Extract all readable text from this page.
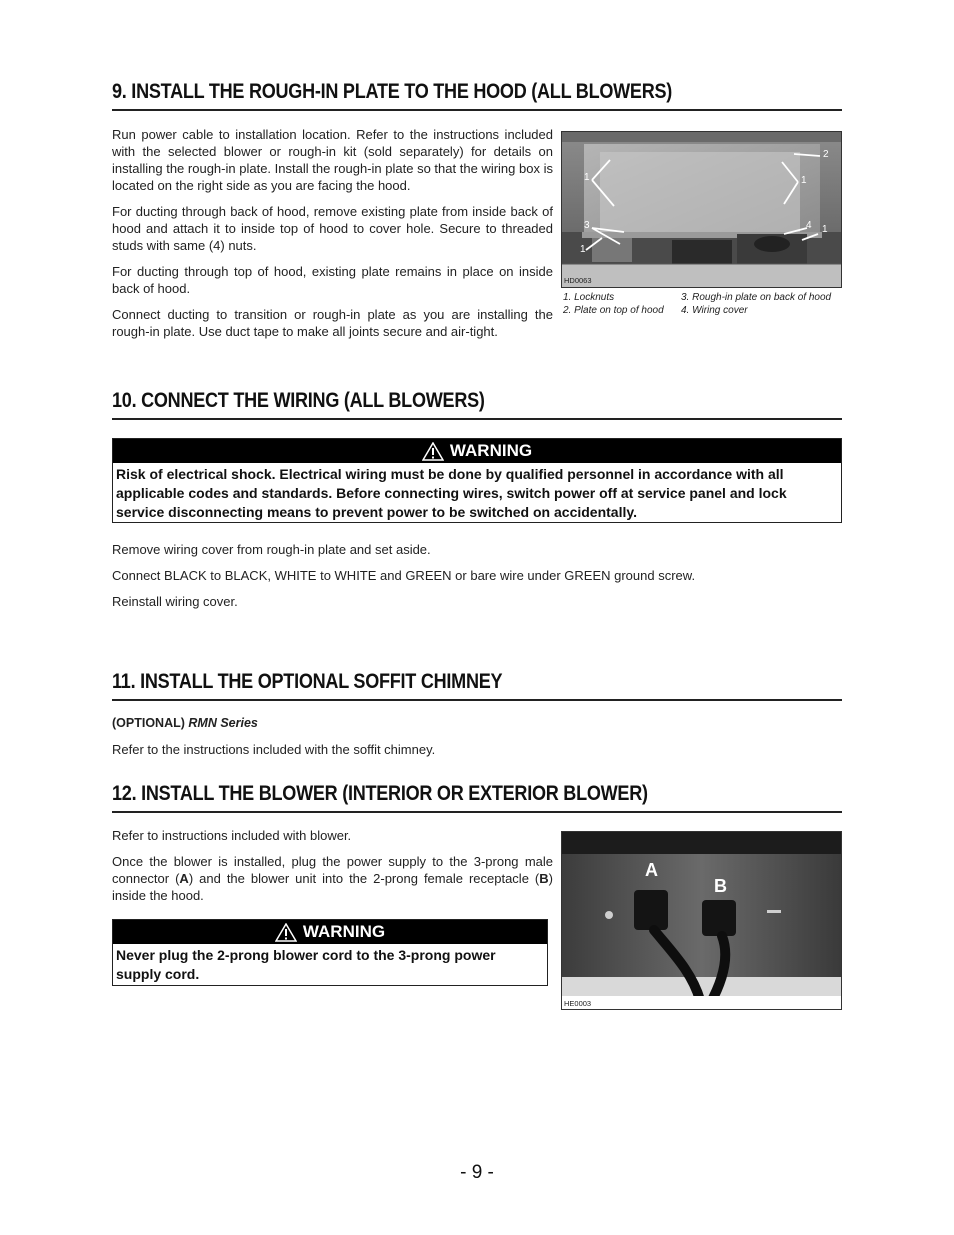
9. INSTALL THE ROUGH-IN PLATE TO THE HOOD (ALL BLOWERS)

Run power cable to installation location. Refer to the instructions included with the selected blower or rough-in kit (sold separately) for details on installing the rough-in plate. Install the rough-in plate so that the wiring box is located on the right side as you are facing the hood.

For ducting through back of hood, remove existing plate from inside back of hood and attach it to inside top of hood to cover hole. Secure to threaded studs with same (4) nuts.

For ducting through top of hood, existing plate remains in place on inside back of hood.

Connect ducting to transition or rough-in plate as you are installing the rough-in plate. Use duct tape to make all joints secure and air-tight.

1
2
1
3	4
1
1
HD0063
1. Locknuts
2. Plate on top of hood
3. Rough-in plate on back of hood
4. Wiring cover
10. CONNECT THE WIRING (ALL BLOWERS)
WARNING
Risk of electrical shock. Electrical wiring must be done by qualified personnel in accordance with all applicable codes and standards. Before connecting wires, switch power off at service panel and lock service disconnecting means to prevent power to be switched on accidentally.

Remove wiring cover from rough-in plate and set aside.

Connect BLACK to BLACK, WHITE to WHITE and GREEN or bare wire under GREEN ground screw.

Reinstall wiring cover.

11. INSTALL THE OPTIONAL SOFFIT CHIMNEY

(OPTIONAL) RMN Series

Refer to the instructions included with the soffit chimney.

12. INSTALL THE BLOWER (INTERIOR OR EXTERIOR BLOWER)

Refer to instructions included with blower.

Once the blower is installed, plug the power supply to the 3-prong male connector (A) and the blower unit into the 2-prong female receptacle (B) inside the hood.

WARNING
Never plug the 2-prong blower cord to the 3-prong power supply cord.
A
B
HE0003
- 9 -
